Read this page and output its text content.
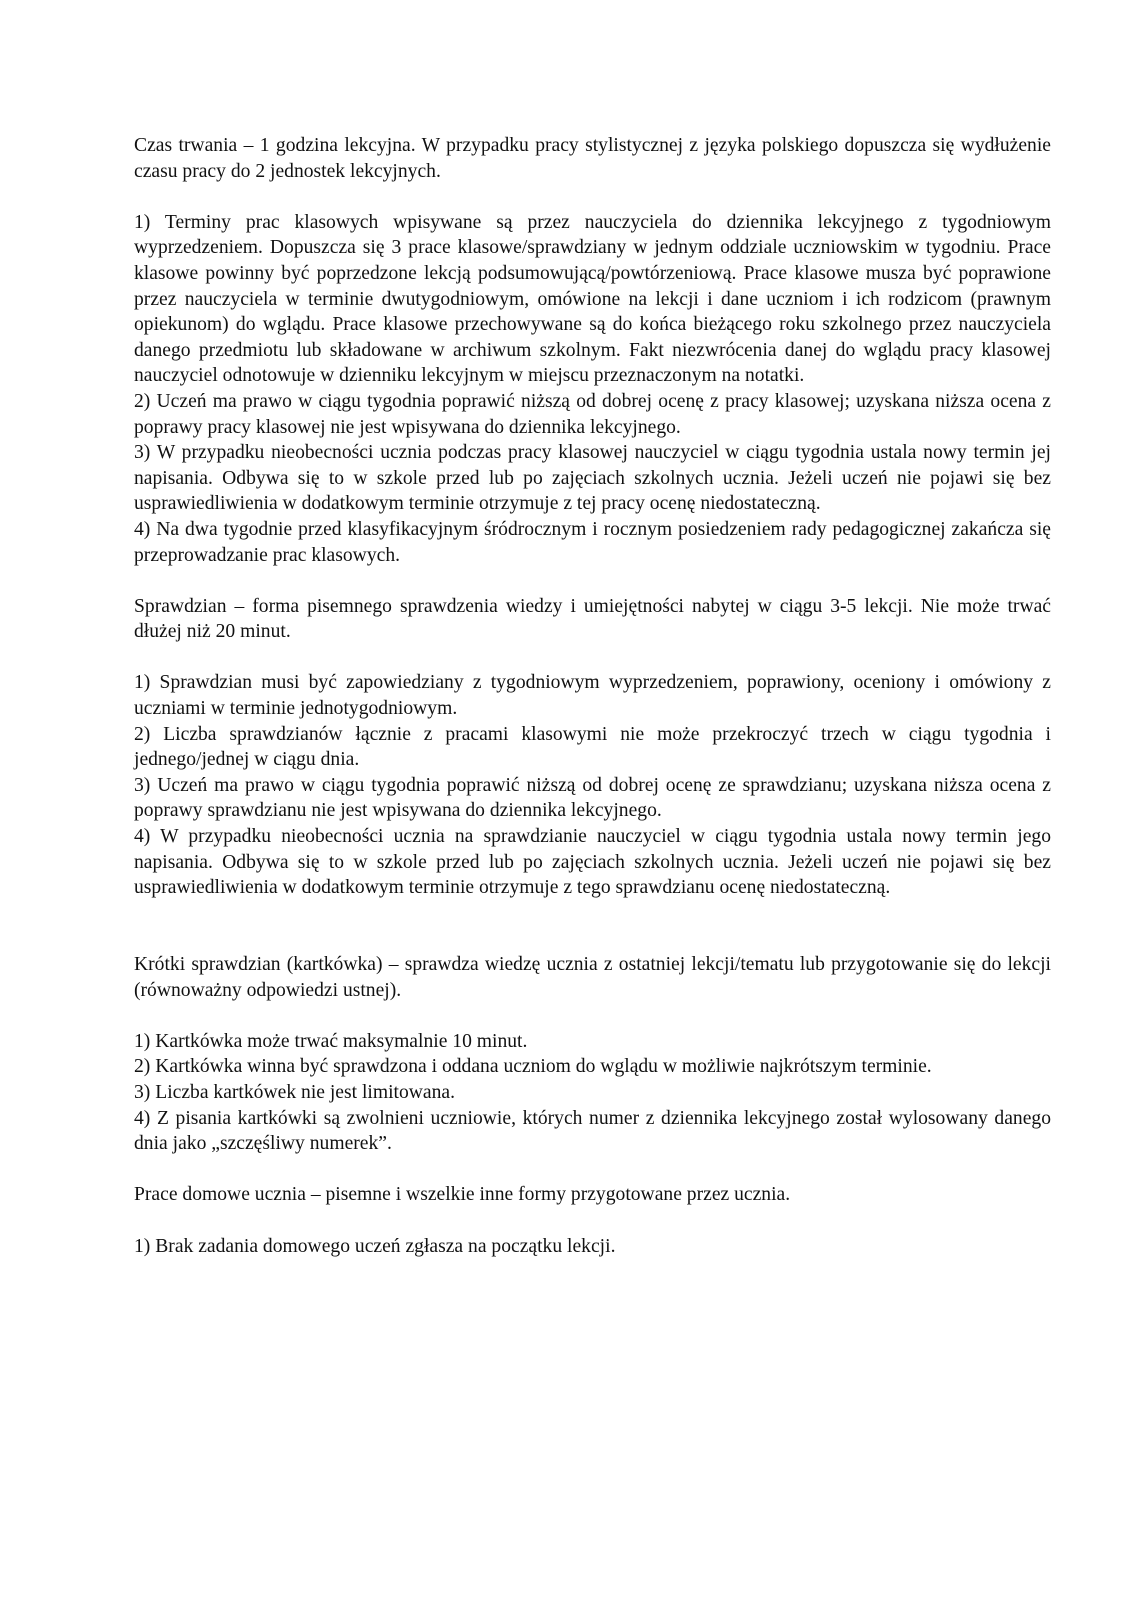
Czas trwania – 1 godzina lekcyjna. W przypadku pracy stylistycznej z języka polskiego dopuszcza się wydłużenie czasu pracy do 2 jednostek lekcyjnych.

1) Terminy prac klasowych wpisywane są przez nauczyciela do dziennika lekcyjnego z tygodniowym wyprzedzeniem. Dopuszcza się 3 prace klasowe/sprawdziany w jednym oddziale uczniowskim w tygodniu. Prace klasowe powinny być poprzedzone lekcją podsumowującą/powtórzeniową. Prace klasowe musza być poprawione przez nauczyciela w terminie dwutygodniowym, omówione na lekcji i dane uczniom i ich rodzicom (prawnym opiekunom) do wglądu. Prace klasowe przechowywane są do końca bieżącego roku szkolnego przez nauczyciela danego przedmiotu lub składowane w archiwum szkolnym. Fakt niezwrócenia danej do wglądu pracy klasowej nauczyciel odnotowuje w dzienniku lekcyjnym w miejscu przeznaczonym na notatki.

2) Uczeń ma prawo w ciągu tygodnia poprawić niższą od dobrej ocenę z pracy klasowej; uzyskana niższa ocena z poprawy pracy klasowej nie jest wpisywana do dziennika lekcyjnego.

3) W przypadku nieobecności ucznia podczas pracy klasowej nauczyciel w ciągu tygodnia ustala nowy termin jej napisania. Odbywa się to w szkole przed lub po zajęciach szkolnych ucznia. Jeżeli uczeń nie pojawi się bez usprawiedliwienia w dodatkowym terminie otrzymuje z tej pracy ocenę niedostateczną.

4) Na dwa tygodnie przed klasyfikacyjnym śródrocznym i rocznym posiedzeniem rady pedagogicznej zakańcza się przeprowadzanie prac klasowych.

Sprawdzian – forma pisemnego sprawdzenia wiedzy i umiejętności nabytej w ciągu 3-5 lekcji. Nie może trwać dłużej niż 20 minut.

1) Sprawdzian musi być zapowiedziany z tygodniowym wyprzedzeniem, poprawiony, oceniony i omówiony z uczniami w terminie jednotygodniowym.

2) Liczba sprawdzianów łącznie z pracami klasowymi nie może przekroczyć trzech w ciągu tygodnia i jednego/jednej w ciągu dnia.

3) Uczeń ma prawo w ciągu tygodnia poprawić niższą od dobrej ocenę ze sprawdzianu; uzyskana niższa ocena z poprawy sprawdzianu nie jest wpisywana do dziennika lekcyjnego.

4) W przypadku nieobecności ucznia na sprawdzianie nauczyciel w ciągu tygodnia ustala nowy termin jego napisania. Odbywa się to w szkole przed lub po zajęciach szkolnych ucznia. Jeżeli uczeń nie pojawi się bez usprawiedliwienia w dodatkowym terminie otrzymuje z tego sprawdzianu ocenę niedostateczną.

Krótki sprawdzian (kartkówka) – sprawdza wiedzę ucznia z ostatniej lekcji/tematu lub przygotowanie się do lekcji (równoważny odpowiedzi ustnej).

1) Kartkówka może trwać maksymalnie 10 minut.

2) Kartkówka winna być sprawdzona i oddana uczniom do wglądu w możliwie najkrótszym terminie.

3) Liczba kartkówek nie jest limitowana.

4) Z pisania kartkówki są zwolnieni uczniowie, których numer z dziennika lekcyjnego został wylosowany danego dnia jako „szczęśliwy numerek”.

Prace domowe ucznia – pisemne i wszelkie inne formy przygotowane przez ucznia.

1) Brak zadania domowego uczeń zgłasza na początku lekcji.
